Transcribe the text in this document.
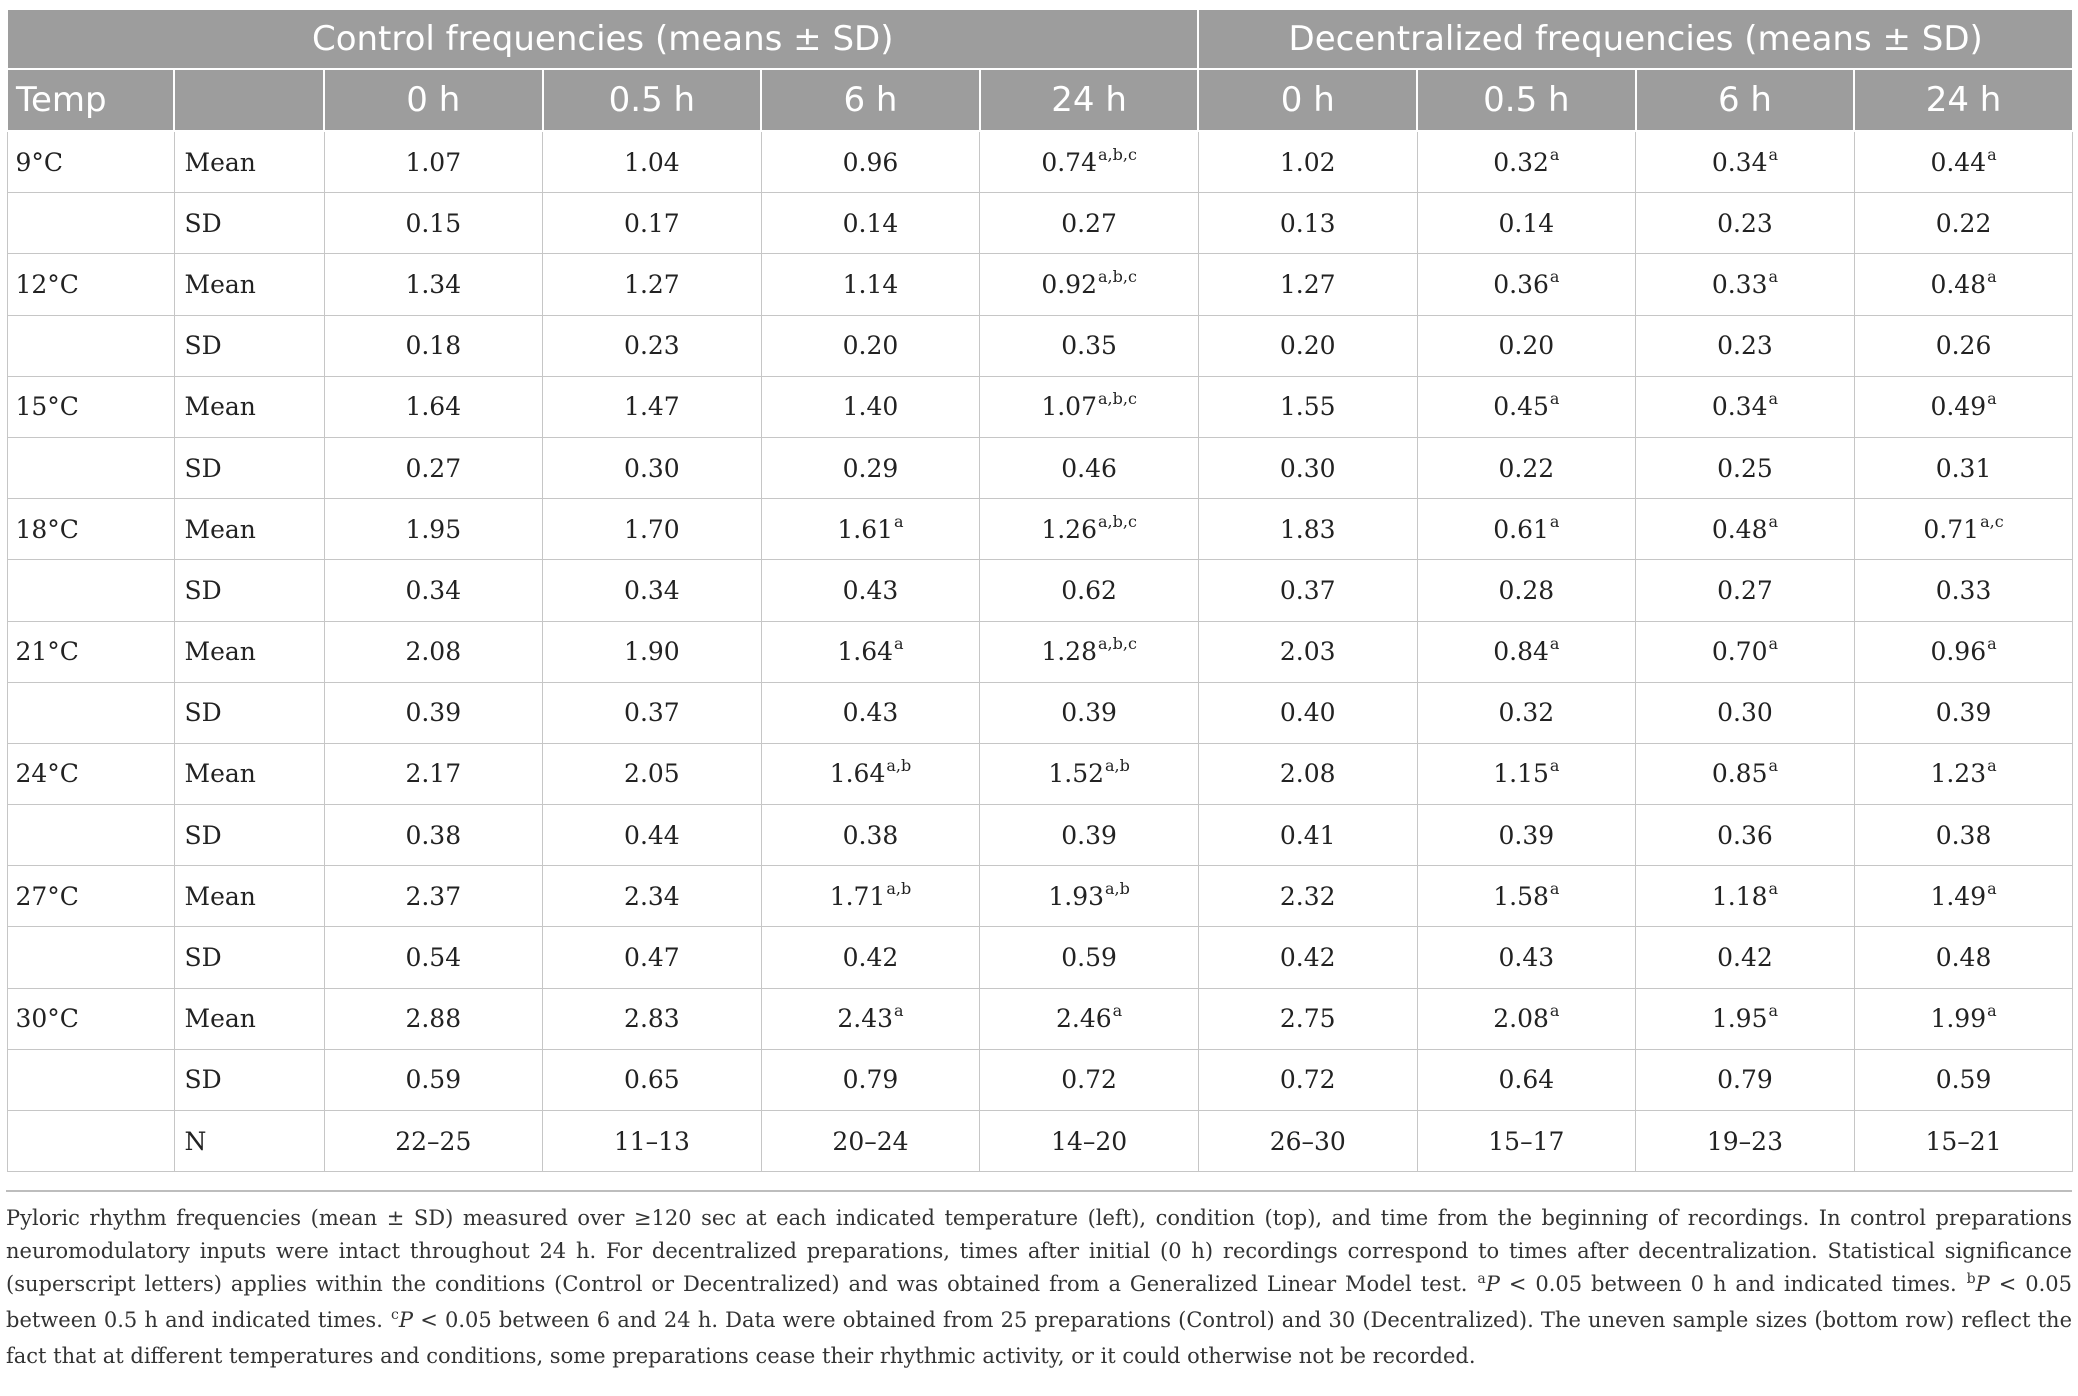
Control frequencies (means ± SD)						Decentralized frequencies (means ± SD)			
Temp		0 h	0.5 h	6 h	24 h	0 h	0.5 h	6 h	24 h
9°C	Mean	1.07	1.04	0.96	0.74$^{a,b,c}$	1.02	0.32$^a$	0.34$^a$	0.44$^a$
	SD	0.15	0.17	0.14	0.27	0.13	0.14	0.23	0.22
12°C	Mean	1.34	1.27	1.14	0.92$^{a,b,c}$	1.27	0.36$^a$	0.33$^a$	0.48$^a$
	SD	0.18	0.23	0.20	0.35	0.20	0.20	0.23	0.26
15°C	Mean	1.64	1.47	1.40	1.07$^{a,b,c}$	1.55	0.45$^a$	0.34$^a$	0.49$^a$
	SD	0.27	0.30	0.29	0.46	0.30	0.22	0.25	0.31
18°C	Mean	1.95	1.70	1.61$^a$	1.26$^{a,b,c}$	1.83	0.61$^a$	0.48$^a$	0.71$^{a,c}$
	SD	0.34	0.34	0.43	0.62	0.37	0.28	0.27	0.33
21°C	Mean	2.08	1.90	1.64$^a$	1.28$^{a,b,c}$	2.03	0.84$^a$	0.70$^a$	0.96$^a$
	SD	0.39	0.37	0.43	0.39	0.40	0.32	0.30	0.39
24°C	Mean	2.17	2.05	1.64$^{a,b}$	1.52$^{a,b}$	2.08	1.15$^a$	0.85$^a$	1.23$^a$
	SD	0.38	0.44	0.38	0.39	0.41	0.39	0.36	0.38
27°C	Mean	2.37	2.34	1.71$^{a,b}$	1.93$^{a,b}$	2.32	1.58$^a$	1.18$^a$	1.49$^a$
	SD	0.54	0.47	0.42	0.59	0.42	0.43	0.42	0.48
30°C	Mean	2.88	2.83	2.43$^a$	2.46$^a$	2.75	2.08$^a$	1.95$^a$	1.99$^a$
	SD	0.59	0.65	0.79	0.72	0.72	0.64	0.79	0.59
	N	22–25	11–13	20–24	14–20	26–30	15–17	19–23	15–21

Pyloric rhythm frequencies (mean ± SD) measured over ≥120 sec at each indicated temperature (left), condition (top), and time from the beginning of recordings. In control preparations neuromodulatory inputs were intact throughout 24 h. For decentralized preparations, times after initial (0 h) recordings correspond to times after decentralization. Statistical significance (superscript letters) applies within the conditions (Control or Decentralized) and was obtained from a Generalized Linear Model test. $^a$P < 0.05 between 0 h and indicated times. $^b$P < 0.05 between 0.5 h and indicated times. $^c$P < 0.05 between 6 and 24 h. Data were obtained from 25 preparations (Control) and 30 (Decentralized). The uneven sample sizes (bottom row) reflect the fact that at different temperatures and conditions, some preparations cease their rhythmic activity, or it could otherwise not be recorded.
